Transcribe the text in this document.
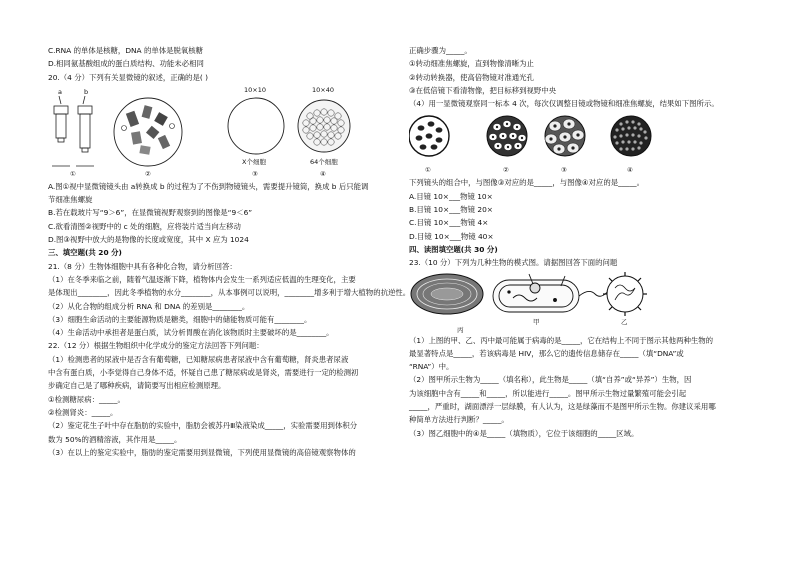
C.RNA 的单体是核糖，DNA 的单体是脱氧核糖

D.相同氨基酸组成的蛋白质结构、功能未必相同

20.（4 分）下列有关显微镜的叙述，正确的是( )

a	b	10×10	10×40
X个细胞	64个细胞
①	②	③	④

A.图①视中显微镜镜头由 a转换成 b 的过程为了不伤到物镜镜头，需要提升镜筒，换成 b 后只能调

节细准焦螺旋

B.若在载玻片写“9＞6”，在显微镜视野观察到的图像是“9＜6”

C.欲看清图②视野中的 c 处的细胞，应将装片适当向左移动

D.图③视野中放大的是物像的长度或宽度，其中 X 应为 1024

三、填空题(共 20 分)

21.（8 分）生物体细胞中具有各种化合物，请分析回答：

（1）在冬季来临之前，随着气温逐渐下降，植物体内会发生一系列适应低温的生理变化，主要

是体现出________，因此冬季植物的水分________，从本事例可以说明，________增多利于增大植物的抗逆性。

（2）从化合物的组成分析 RNA 和 DNA 的差别是________。

（3）细胞生命活动的主要能源物质是糖类，细胞中的储能物质可能有________。

（4）生命活动中承担者是蛋白质，试分析胃酸在消化该物质时主要破坏的是________。

22.（12 分）根据生物组织中化学成分的鉴定方法回答下列问题：

（1）检测患者的尿液中是否含有葡萄糖，已知糖尿病患者尿液中含有葡萄糖，肾炎患者尿液

中含有蛋白质，小李觉得自己身体不适，怀疑自己患了糖尿病或是肾炎，需要进行一定的检测初

步确定自己是了哪种疾病，请简要写出相应检测原理。

①检测糖尿病：_____。

②检测肾炎：_____。

（2）鉴定花生子叶中存在脂肪的实验中，脂肪会被苏丹Ⅲ染液染成_____，实验需要用到体积分

数为 50%的酒精溶液，其作用是_____。

（3）在以上的鉴定实验中，脂肪的鉴定需要用到显微镜，下列使用显微镜的高倍镜观察物体的

正确步骤为_____。

①转动细准焦螺旋，直到物像清晰为止

②转动转换器，使高倍物镜对准通光孔

③在低倍镜下看清物像，把目标移到视野中央

（4）用一显微镜观察同一标本 4 次，每次仅调整目镜或物镜和细准焦螺旋，结果如下图所示。

①	②	③	④

下列镜头的组合中，与图像③对应的是_____，与图像④对应的是_____。

A.目镜 10×___物镜 10×

B.目镜 10×___物镜 20×

C.目镜 10×___物镜 4×

D.目镜 10×___物镜 40×

四、读图填空题(共 30 分)

23.（10 分）下列为几种生物的模式图。请据图回答下面的问题

甲	乙
丙

（1）上图的甲、乙、丙中最可能属于病毒的是_____，它在结构上不同于图示其他两种生物的

最显著特点是_____，若该病毒是 HIV，那么它的遗传信息储存在_____（填“DNA”或

“RNA”）中。

（2）图甲所示生物为_____（填名称），此生物是_____（填“自养”或“异养”）生物，因

为该细胞中含有_____和_____，所以能进行_____。图甲所示生物过量繁殖可能会引起

_____，严重时，湖面漂浮一层绿膜，有人认为，这是绿藻而不是图甲所示生物。你建议采用哪

种简单方法进行判断？_____。

（3）图乙细胞中的④是_____（填物质），它位于该细胞的_____区域。
